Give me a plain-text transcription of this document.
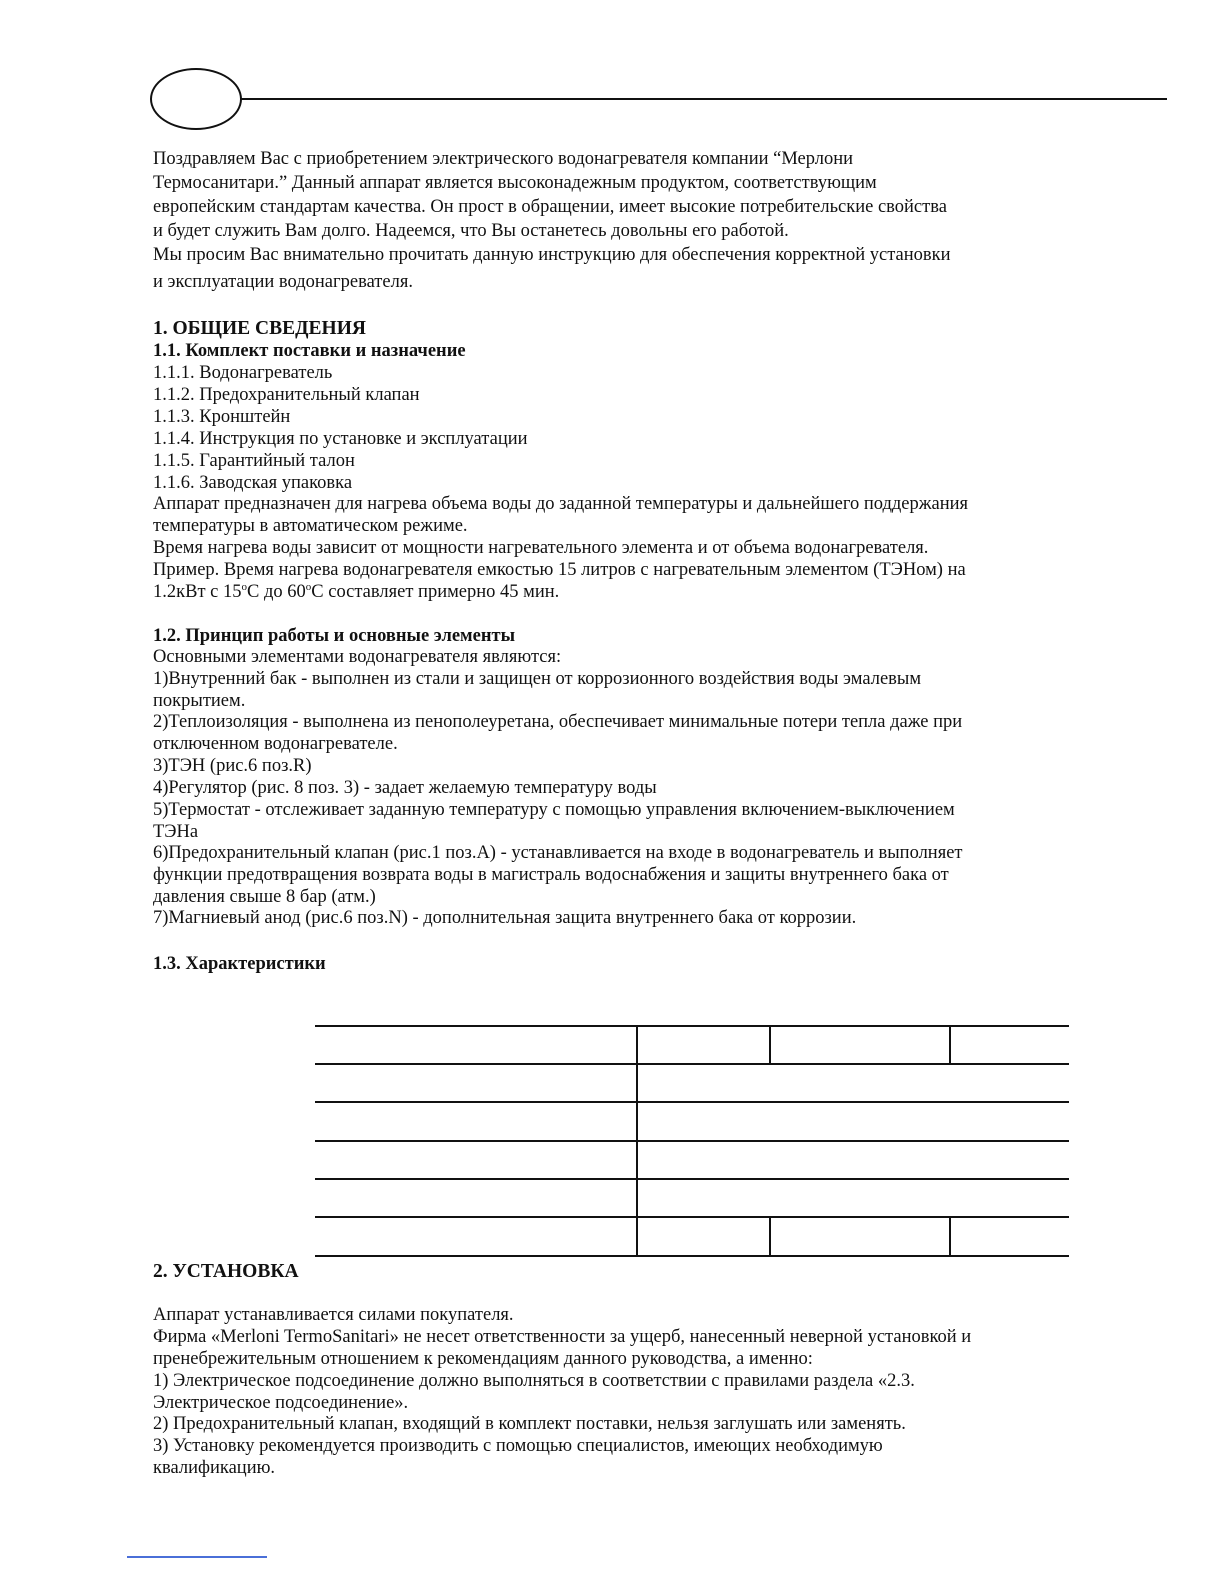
Поздравляем Вас с приобретением электрического водонагревателя компании “Мерлони
Термосанитари.” Данный аппарат является высоконадежным продуктом, соответствующим
европейским стандартам качества. Он прост в обращении, имеет высокие потребительские свойства
и будет служить Вам долго. Надеемся, что Вы останетесь довольны его работой.
Мы просим Вас внимательно прочитать данную инструкцию для обеспечения корректной установки
и эксплуатации водонагревателя.
1. ОБЩИЕ СВЕДЕНИЯ
1.1. Комплект поставки и назначение
1.1.1. Водонагреватель
1.1.2. Предохранительный клапан
1.1.3. Кронштейн
1.1.4. Инструкция по установке и эксплуатации
1.1.5. Гарантийный талон
1.1.6. Заводская упаковка
Аппарат предназначен для нагрева объема воды до заданной температуры и дальнейшего поддержания
температуры в автоматическом режиме.
Время нагрева воды зависит от мощности нагревательного элемента и от объема водонагревателя.
Пример. Время нагрева водонагревателя емкостью 15 литров с нагревательным элементом (ТЭНом) на
1.2кВт с $15^оС$ до $60^оС$ составляет примерно 45 мин.
1.2. Принцип работы и основные элементы
Основными элементами водонагревателя являются:
1)Внутренний бак - выполнен из стали и защищен от коррозионного воздействия воды эмалевым
покрытием.
2)Теплоизоляция - выполнена из пенополеуретана, обеспечивает минимальные потери тепла даже при
отключенном водонагревателе.
3)ТЭН (рис.6 поз.R)
4)Регулятор (рис. 8 поз. 3) - задает желаемую температуру воды
5)Термостат - отслеживает заданную температуру с помощью управления включением-выключением
ТЭНа
6)Предохранительный клапан (рис.1 поз.А) - устанавливается на входе в водонагреватель и выполняет
функции предотвращения возврата воды в магистраль водоснабжения и защиты внутреннего бака от
давления свыше 8 бар (атм.)
7)Магниевый анод (рис.6 поз.N) - дополнительная защита внутреннего бака от коррозии.
1.3. Характеристики
2. УСТАНОВКА
Аппарат устанавливается силами покупателя.
Фирма «Merloni TermoSanitari» не несет ответственности за ущерб, нанесенный неверной установкой и
пренебрежительным отношением к рекомендациям данного руководства, а именно:
1) Электрическое подсоединение должно выполняться в соответствии с правилами раздела «2.3.
Электрическое подсоединение».
2) Предохранительный клапан, входящий в комплект поставки, нельзя заглушать или заменять.
3) Установку рекомендуется производить с помощью специалистов, имеющих необходимую
квалификацию.
